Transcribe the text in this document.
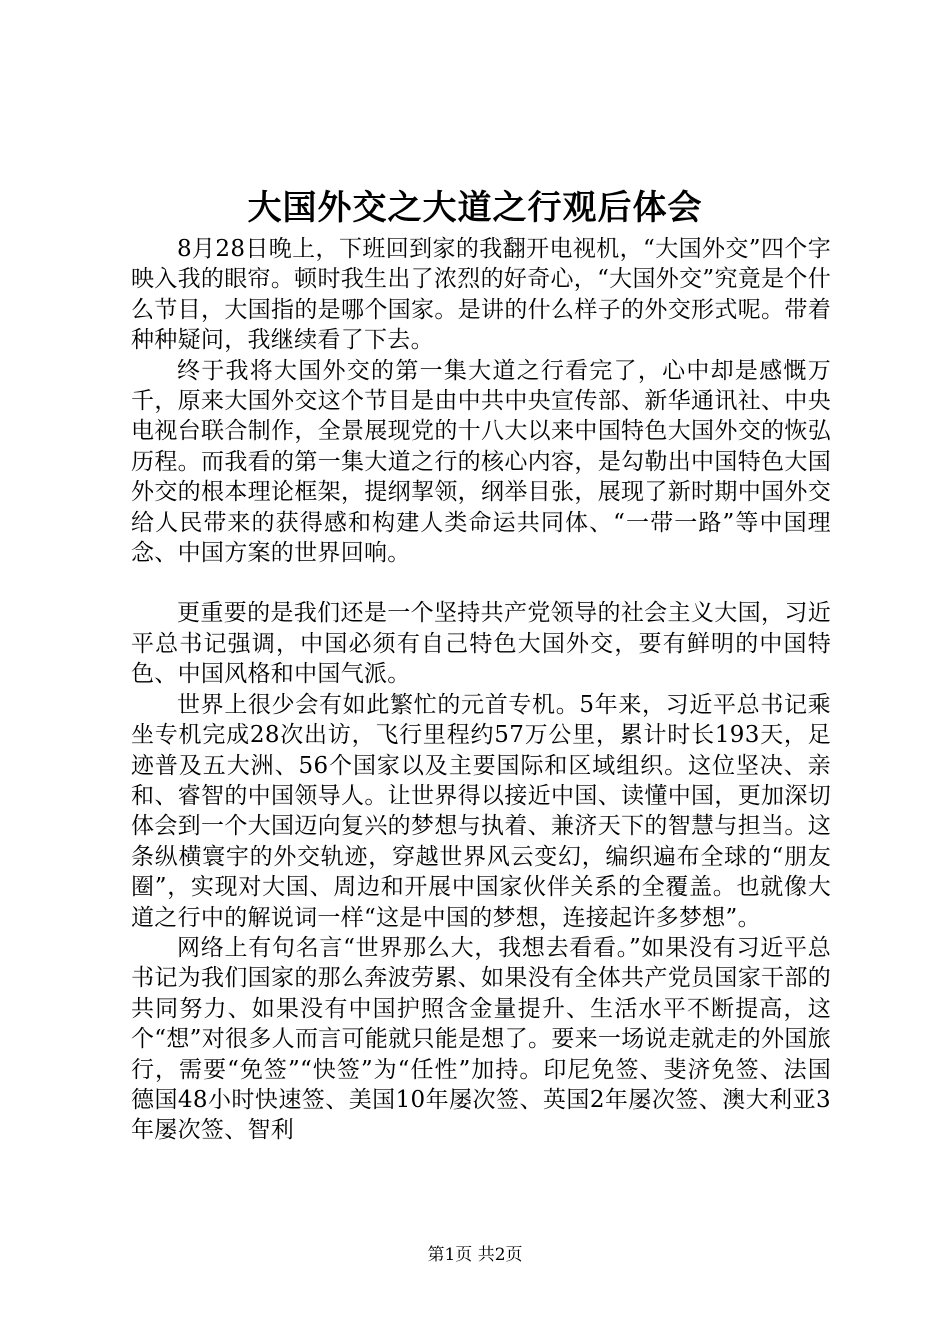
大国外交之大道之行观后体会

8月28日晚上，下班回到家的我翻开电视机，“大国外交”四个字映入我的眼帘。顿时我生出了浓烈的好奇心，“大国外交”究竟是个什么节目，大国指的是哪个国家。是讲的什么样子的外交形式呢。带着种种疑问，我继续看了下去。

终于我将大国外交的第一集大道之行看完了，心中却是感慨万千，原来大国外交这个节目是由中共中央宣传部、新华通讯社、中央电视台联合制作，全景展现党的十八大以来中国特色大国外交的恢弘历程。而我看的第一集大道之行的核心内容，是勾勒出中国特色大国外交的根本理论框架，提纲挈领，纲举目张，展现了新时期中国外交给人民带来的获得感和构建人类命运共同体、“一带一路”等中国理念、中国方案的世界回响。

更重要的是我们还是一个坚持共产党领导的社会主义大国，习近平总书记强调，中国必须有自己特色大国外交，要有鲜明的中国特色、中国风格和中国气派。

世界上很少会有如此繁忙的元首专机。5年来，习近平总书记乘坐专机完成28次出访，飞行里程约57万公里，累计时长193天，足迹普及五大洲、56个国家以及主要国际和区域组织。这位坚决、亲和、睿智的中国领导人。让世界得以接近中国、读懂中国，更加深切体会到一个大国迈向复兴的梦想与执着、兼济天下的智慧与担当。这条纵横寰宇的外交轨迹，穿越世界风云变幻，编织遍布全球的“朋友圈”，实现对大国、周边和开展中国家伙伴关系的全覆盖。也就像大道之行中的解说词一样“这是中国的梦想，连接起许多梦想”。

网络上有句名言“世界那么大，我想去看看。”如果没有习近平总书记为我们国家的那么奔波劳累、如果没有全体共产党员国家干部的共同努力、如果没有中国护照含金量提升、生活水平不断提高，这个“想”对很多人而言可能就只能是想了。要来一场说走就走的外国旅行，需要“免签”“快签”为“任性”加持。印尼免签、斐济免签、法国德国48小时快速签、美国10年屡次签、英国2年屡次签、澳大利亚3年屡次签、智利

第1页 共2页
